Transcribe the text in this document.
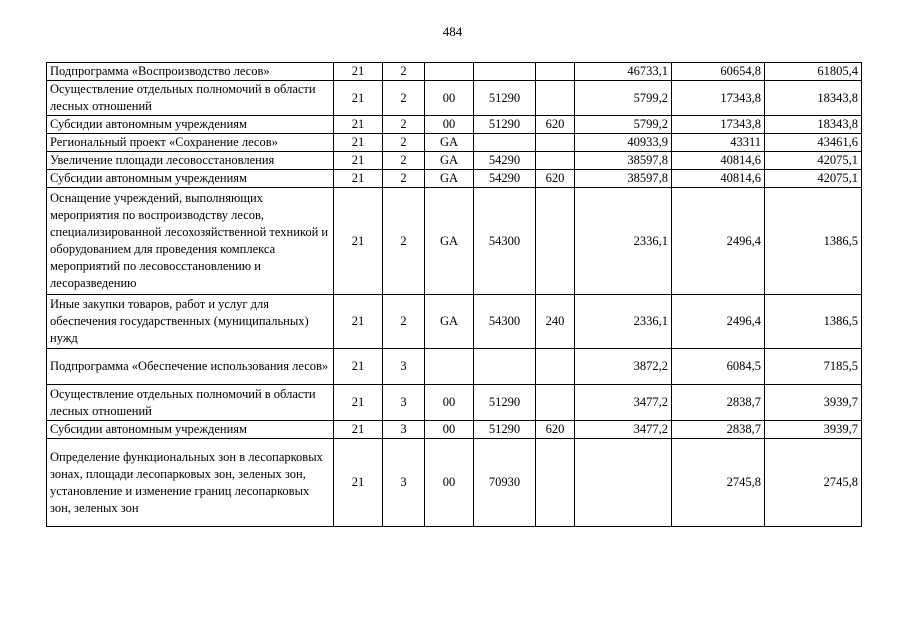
484
Подпрограмма «Воспроизводство лесов»	21	2				46733,1	60654,8	61805,4
Осуществление отдельных полномочий в области лесных отношений	21	2	00	51290		5799,2	17343,8	18343,8
Субсидии автономным учреждениям	21	2	00	51290	620	5799,2	17343,8	18343,8
Региональный проект «Сохранение лесов»	21	2	GA			40933,9	43311	43461,6
Увеличение площади лесовосстановления	21	2	GA	54290		38597,8	40814,6	42075,1
Субсидии автономным учреждениям	21	2	GA	54290	620	38597,8	40814,6	42075,1
Оснащение учреждений, выполняющих мероприятия по воспроизводству лесов, специализированной лесохозяйственной техникой и оборудованием для проведения комплекса мероприятий по лесовосстановлению и лесоразведению	21	2	GA	54300		2336,1	2496,4	1386,5
Иные закупки товаров, работ и услуг для обеспечения государственных (муниципальных) нужд	21	2	GA	54300	240	2336,1	2496,4	1386,5
Подпрограмма «Обеспечение использования лесов»	21	3				3872,2	6084,5	7185,5
Осуществление отдельных полномочий в области лесных отношений	21	3	00	51290		3477,2	2838,7	3939,7
Субсидии автономным учреждениям	21	3	00	51290	620	3477,2	2838,7	3939,7
Определение функциональных зон в лесопарковых зонах, площади лесопарковых зон, зеленых зон, установление и изменение границ лесопарковых зон, зеленых зон	21	3	00	70930			2745,8	2745,8
